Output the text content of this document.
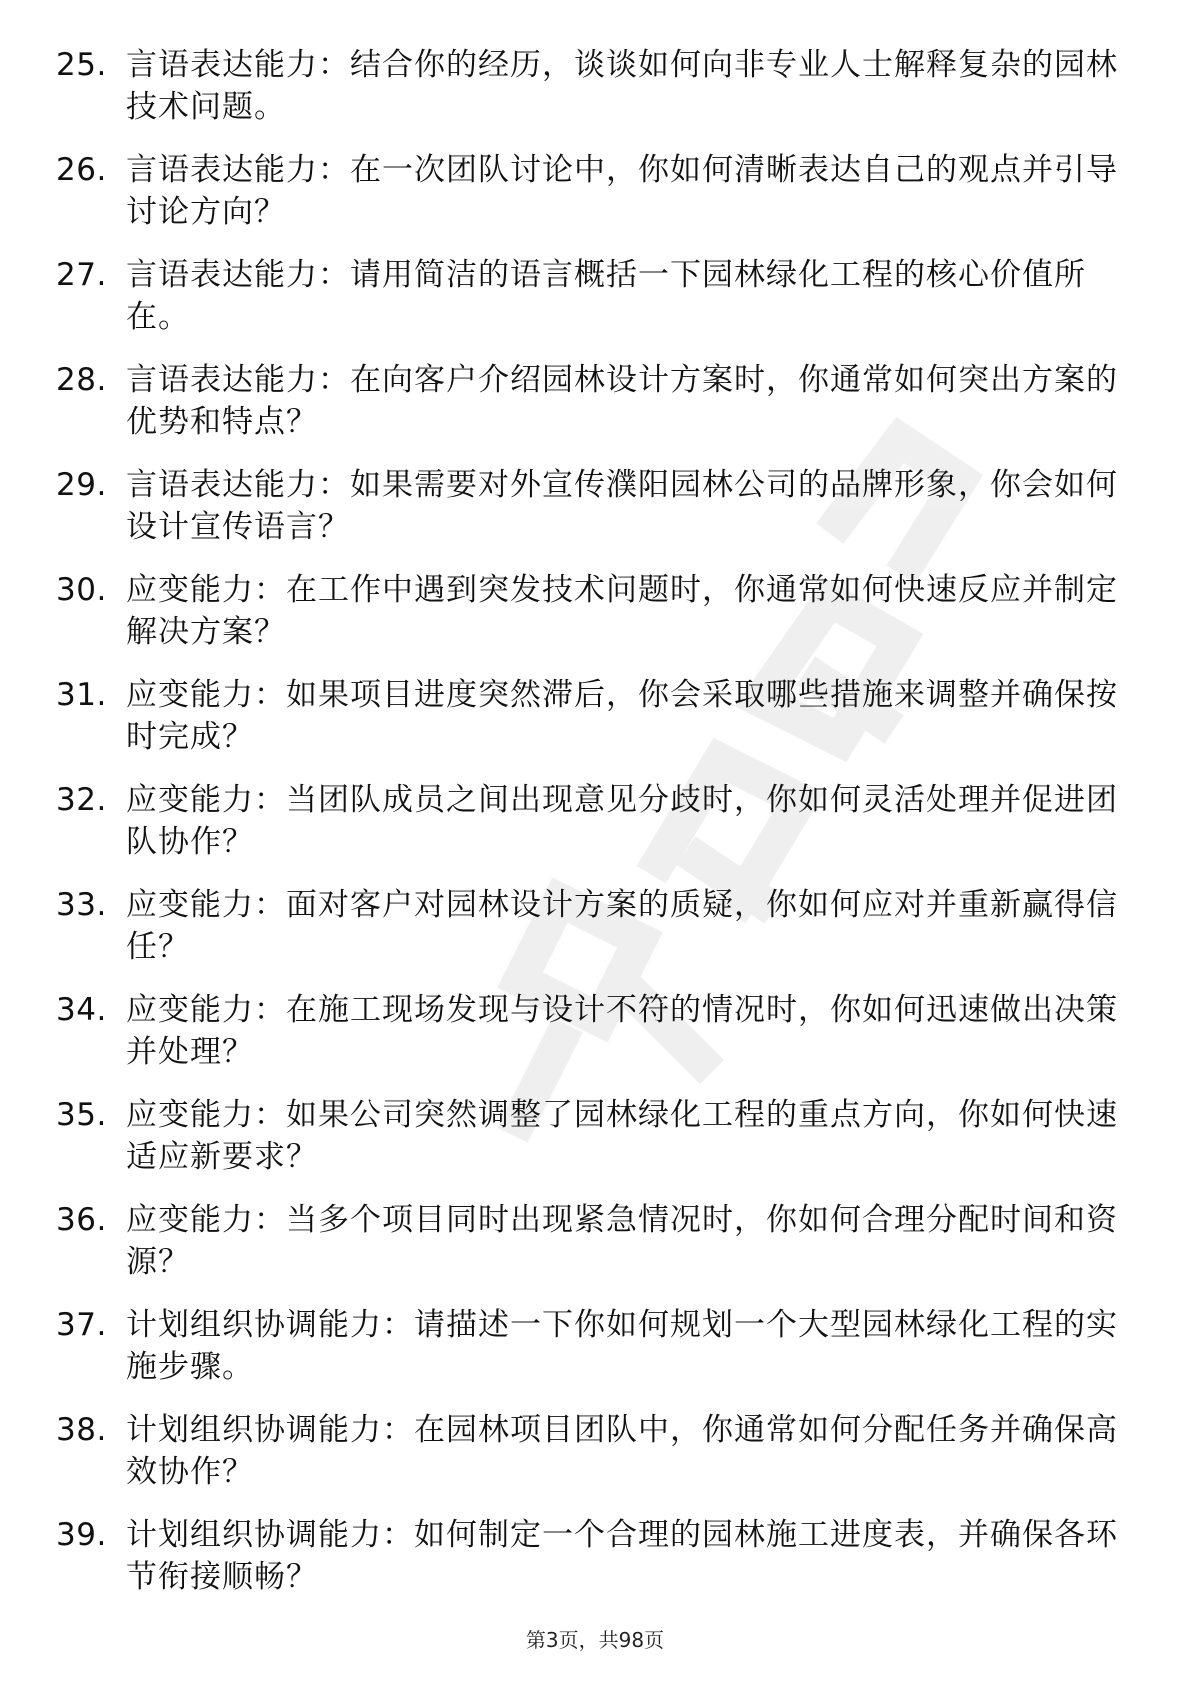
25. 言语表达能力：结合你的经历，谈谈如何向非专业人士解释复杂的园林技术问题。
26. 言语表达能力：在一次团队讨论中，你如何清晰表达自己的观点并引导讨论方向？
27. 言语表达能力：请用简洁的语言概括一下园林绿化工程的核心价值所在。
28. 言语表达能力：在向客户介绍园林设计方案时，你通常如何突出方案的优势和特点？
29. 言语表达能力：如果需要对外宣传濮阳园林公司的品牌形象，你会如何设计宣传语言？
30. 应变能力：在工作中遇到突发技术问题时，你通常如何快速反应并制定解决方案？
31. 应变能力：如果项目进度突然滞后，你会采取哪些措施来调整并确保按时完成？
32. 应变能力：当团队成员之间出现意见分歧时，你如何灵活处理并促进团队协作？
33. 应变能力：面对客户对园林设计方案的质疑，你如何应对并重新赢得信任？
34. 应变能力：在施工现场发现与设计不符的情况时，你如何迅速做出决策并处理？
35. 应变能力：如果公司突然调整了园林绿化工程的重点方向，你如何快速适应新要求？
36. 应变能力：当多个项目同时出现紧急情况时，你如何合理分配时间和资源？
37. 计划组织协调能力：请描述一下你如何规划一个大型园林绿化工程的实施步骤。
38. 计划组织协调能力：在园林项目团队中，你通常如何分配任务并确保高效协作？
39. 计划组织协调能力：如何制定一个合理的园林施工进度表，并确保各环节衔接顺畅？
第3页，共98页
